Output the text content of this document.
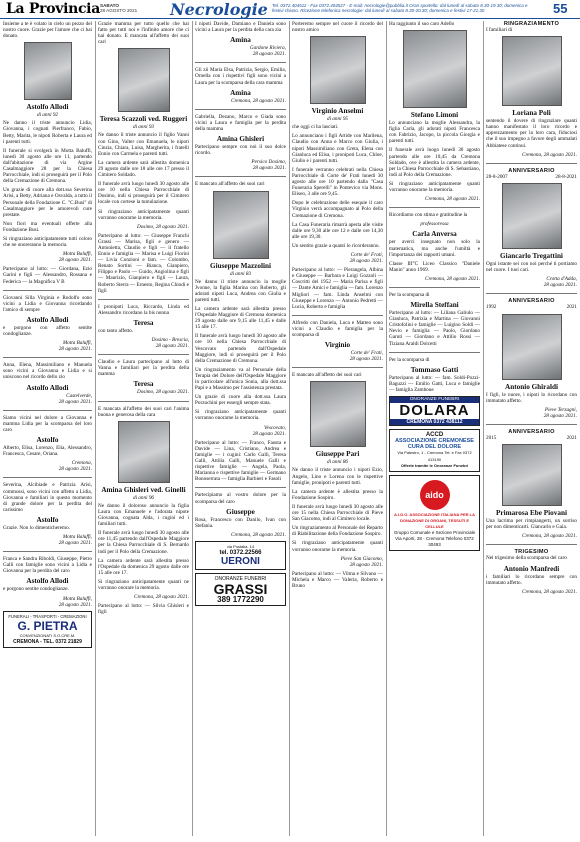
La Provincia SABATO
28 AGOSTO 2021 Necrologie Tel. 0372.404511 - Fax 0372.404527 - E-mail: necrologie@pubblia.it Orari sportello: dal lunedì al sabato 8.30-19.30; domenica e festivi chiuso. Ricezione telefonica necrologie: dal lunedì al sabato 8.30-20.30; domenica e festivi 17-21.30	55

Insieme a te è volato in cielo un pezzo del nostro cuore. Grazie per l'amore che ci hai donato.

Astolfo Allodi
di anni 92

Ne danno il triste annuncio Lidia, Giovanna, i cognati Pierfranco, Fabio, Betty, Marita, le nipoti Roberta e Laura ed i parenti tutti.

Il funerale si svolgerà in Motta Baluffi, lunedì 30 agosto alle ore 11, partendo dall'abitazione di via Argine Casalmaggiore 28 per la Chiesa Parrocchiale, indi si proseguirà per il Polo della Cremazione di Cremona.

Un grazie di cuore alla dott.ssa Severina Arisi, a Betty, Adriana e Osvalda, a tutto il Personale della Fondazione C. "C.Busi" di Casalmaggiore per le amorevoli cure prestate.

Non fiori ma eventuali offerte alla Fondazione Busi.

Si ringraziano anticipatamente tutti coloro che ne onoreranno la memoria.

Motta Baluffi,
28 agosto 2021.

Partecipano al lutto: — Giordana, Ezio Garini e figli — Alessandro, Rossana e Federica — la Magnifica V B

Giovanni Silla Virginia e Rodolfo sono vicini a Lidia e Giovanna ricordando l'amico di sempre

Astolfo Allodi

e porgono con affetto sentite condoglianze.

Motta Baluffi,
28 agosto 2021.

Anna, Elena, Massimiliano e Manuela sono vicini a Giovanna e Lidia e si uniscono nel ricordo dello zio

Astolfo Allodi
Castelverde,
28 agosto 2021.

Siamo vicini nel dolore a Giovanna e mamma Lidia per la scomparsa del loro caro

Astolfo

Alberto, Elisa, Lorenzo, Elia, Alessandro, Francesca, Cesare, Oriana.

Cremona,
28 agosto 2021.

Severina, Alcibiade e Patrizia Arisi, commossi, sono vicini con affetto a Lidia, Giovanna e familiari in questo momento di grande dolore per la perdita del carissimo

Astolfo

Grazie. Non lo dimenticheremo.

Motta Baluffi,
28 agosto 2021.

Franca e Sandra Riboldi, Giuseppe, Pietro Galli con famiglie sono vicini a Lidia e Giovanna per la perdita del caro

Astolfo Allodi

e porgono sentite condoglianze.

Motta Baluffi,
28 agosto 2021.
FUNERALI - TRASPORTI - CREMAZIONI
G. PIETRA
CONVENZIONATI S.O.CRE.M.
CREMONA - TEL. 0372 21829

Grazie mamma per tutto quello che hai fatto per tutti noi e l'infinito amore che ci hai donato. E mancata all'affetto dei suoi cari

Teresa Scazzoli ved. Ruggeri
di anni 93

Ne danno il triste annuncio il figlio Vanni con Gino, Valter con Emanuela, le nipoti Cinzia, Chiara, Luisa, Margherita, i fratelli Ennio con Carmela e parenti tutti.

La camera ardente sarà allestita domenica 29 agosto dalle ore 18 alle ore 17 presso il Cimitero Soldado.

Il funerale avrà luogo lunedì 30 agosto alle ore 10 nella Chiesa Parrocchiale di Dosimo, indi si proseguirà per il Cimitero locale con cortese la tumulazione.

Si ringraziano anticipatamente quanti vorranno onorarne la memoria.

Dosimo, 28 agosto 2021.

Partecipano al lutto: — Giuseppe Franchi Grassi — Marisa, figli e genero — Antonietta, Claudio e figli — il fratello Ennio e famiglia — Marisa e Luigi Fiorini — Livia Conzioni e fam. — Colombo, Renato Sortini — Bianca, Gianpiero, Filippo e Paolo — Guido, Angiolina e figli — Maurizio, Gianpiero e figli — Laura, Roberto Sterra — Ernesto, Regina Chiodi e figli

I pronipoti Luca, Riccardo, Linda ed Alessandro ricordano la bis nonna

Teresa

con tanto affetto.

Dosimo - Brescia,
28 agosto 2021.

Claudio e Laura partecipano al lutto di Vanna e familiari per la perdita della mamma

Teresa
Dosimo, 28 agosto 2021.

E mancata all'affetto dei suoi cari l'anima buona e generosa della cara

Amina Ghisleri ved. Ginelli
di anni 96

Ne danno il doloroso annuncio la figlia Laura con Emanuele e l'adorata nipote Giovanna, cognata Alda, i cugini ed i familiari tutti.

Il funerale avrà luogo lunedì 30 agosto alle ore 11,45 partendo dall'Ospedale Maggiore per la Chiesa Parrocchiale di S. Bernardo indi per il Polo della Cremazione.

La camera ardente sarà allestita presso l'Ospedale da domenica 29 agosto dalle ore 15 alle ore 17.

Si ringraziano anticipatamente quanti ne vorranno onorare la memoria.

Cremona, 28 agosto 2021.

Partecipano al lutto: — Silvia Ghisleri e figli

I nipoti Davide, Damiano e Daniela sono vicini a Laura per la perdita della cara zia

Amina
Gardone Riviera,
28 agosto 2021.

Gli zii Maria Elsa, Patrizia, Sergio, Emilia, Ornella con i rispettivi figli sono vicini a Laura per la scomparsa della cara mamma

Amina
Cremona, 28 agosto 2021.

Gabriella, Dezano, Marco e Giada sono vicini a Laura e famiglia per la perdita della mamma

Amina Ghisleri

Partecipano sempre con noi il suo dolce ricordo.

Persico Dosimo,
28 agosto 2021.

E mancato all'affetto dei suoi cari

Giuseppe Mazzolini
di anni 83

Ne danno il triste annuncio la moglie Jvonne, la figlia Marina con Roberto, gli adorati nipoti Luca, Andrea con Giulia e parenti tutti.

La camera ardente sarà allestita presso l'Ospedale Maggiore di Cremona domenica 29 agosto dalle ore 9,15 alle 11,45 e dalle 15 alle 17.

Il funerale avrà luogo lunedì 30 agosto alle ore 10 nella Chiesa Parrocchiale di Vescovato partendo dall'Ospedale Maggiore, indi si proseguirà per il Polo della Cremazione di Cremona.

Un ringraziamento va al Personale della Terapia del Dolore dell'Ospedale Maggiore in particolare all'unica Sonia, alla dott.ssa Papi e a Massimo per l'assistenza prestata.

Un grazie di cuore alla dott.ssa Laura Porzuchini per essergli sempre stata.

Si ringraziano anticipatamente quanti vorranno onorarne la memoria.

Vescovato,
28 agosto 2021.

Partecipano al lutto: — Franco, Fausta e Davide — Lina, Cristiano, Andrea e famiglie — i cugini: Carlo Galli, Teresa Galli, Attilia Galli, Manuele Galli e rispettive famiglie — Angela, Paola, Marianna e rispettive famiglie — Germano Bonoserrata — famiglia Barbieri e Fasoli

Partecipiamo al vostro dolore per la scomparsa del caro

Giuseppe

Rosa, Francesco con Danilo, Ivan con Stefania.

Cremona, 28 agosto 2021.
via Postalia, 14
tel. 0372.22566
UERONI
ONORANZE FUNEBRI
GRASSI
389 1772290

Porteremo sempre nel cuore il ricordo del nostro amico

Virginio Anselmi
di anni 95

che oggi ci ha lasciati.

Lo annunciano i figli Artide con Marilena, Claudio con Anna e Marco con Giulia, i nipoti Massimiliano con Greta, Elena con Gianluca ed Elisa, i pronipoti Luca, Chloe, Giulio e i parenti tutti.

I funerale verranno celebrati nella Chiesa Parrocchiale di Corte de' Frati lunedì 30 agosto alle ore 10 partendo dalla "Casa Funeraria Sperelli" in Pontevico via Mons. Eliseo, 3 alle ore 9,45.

Dopo le celebrazione delle esequie il caro Virginio verrà accompagnato al Polo della Cremazione di Cremona.

La Casa Funeraria rimarrà aperta alle visite dalle ore 9,30 alle ore 12 e dalle ore 14,30 alle ore 19,30.

Un sentito grazie a quanti lo ricorderanno.

Corte de' Frati,
28 agosto 2021.

Partecipano al lutto: — Pierangela, Albina e Giuseppe — Barbara e Luigi Gozzoli — Coscritti del 1952 — Maria Parisa e figli — Dante Amici e famiglia — fam. Lorenzo Migliori — fam. Linda Anselmi con Giuseppe e Lorenzo — Antonio Pedretti — Lucia, Roberto e famiglia

Alfredo con Daniela, Luca e Matteo sono vicini a Claudio e famiglia per la scomparsa di

Virginio
Corte de' Frati,
28 agosto 2021.

E mancato all'affetto dei suoi cari

Giuseppe Pari
di anni 86

Ne danno il triste annuncio i nipoti Ezio, Angelo, Lino e Lorena con le rispettive famiglie, pronipoti e parenti tutti.

La camera ardente è allestita presso la Fondazione Sospiro.

Il funerale avrà luogo lunedì 30 agosto alle ore 15 nella Chiesa Parrocchiale di Pieve San Giacomo, indi al Cimitero locale.

Un ringraziamento al Personale del Reparto di Riabilitazione della Fondazione Sospiro.

Si ringraziano anticipatamente quanti vorranno onorarne la memoria.

Pieve San Giacomo,
28 agosto 2021.

Partecipano al lutto: — Vilma e Silvano — Michela e Marco — Valeria, Roberto e Bruno

Ha raggiunto il suo caro Adello

Stefano Limoni

Lo annunciano la moglie Alessandra, la figlia Carla, gli adorati nipoti Francesca con Fabrizio, Jacopo, la piccola Giorgia e parenti tutti.

Il funerale avrà luogo lunedì 30 agosto partendo alle ore 10,45 da Cremona Soldado, ove è allestita la camera ardente, per la Chiesa Parrocchiale di S. Sebastiano, indi al Polo della Cremazione.

Si ringraziano anticipatamente quanti vorranno onorarne la memoria.

Cremona, 28 agosto 2021.

Ricordiamo con stima e gratitudine la

professoressa
Carla Anversa

per averci insegnato non solo la matematica, ma anche l'umiltà e l'importanza dei rapporti umani.

Classe III°C Liceo Classico "Daniele Manin" anno 1969.

Cremona, 28 agosto 2021.

Per la scomparsa di

Mirella Steffani

Partecipano al lutto: — Liliana Galiulo — Gianluca, Patrizia e Martina — Giovanni Cristofolini e famiglie — Luigino Soldi — Nevio e famiglia — Paolo, Giordano Garuti — Giordano e Attilio Rossi — Tiziana Araldi Dolcetti

Per la scomparsa di

Tommaso Gatti

Partecipano al lutto: — fam. Soldi-Pozzi-Baguzzi — Emilio Gatti, Luca e famiglie — famiglia Zambone

ONORANZE FUNEBRI
DOLARA
CREMONA 0372 438112
ACCD
ASSOCIAZIONE CREMONESE CURA DEL DOLORE
Via Palestro, 1 - Cremona Tel. e Fax 0372 413190
Offerte tramite le Onoranze Funebri
aido
A.I.D.O. ASSOCIAZIONE ITALIANA PER LA DONAZIONE DI ORGANI, TESSUTI E CELLULE
Gruppo Comunale e Sezione Provinciale Via Aporti, 28 - Cremona Telefono 0372 30493
RINGRAZIAMENTO

I familiari di

Loriana Poli

sentendo il dovere di ringraziare quanti hanno manifestato il loro ricordo e apprezzamento per la loro cara, fiduciosi che il suo impegno a favore degli ammalati Abbiatese continui.

Cremona, 28 agosto 2021.
ANNIVERSARIO
28-8-2007	28-8-2021
Giancarlo Tregattini

Ogni istante sei con noi perché ti portiamo nel cuore. I tuoi cari.

Crotta d'Adda,
28 agosto 2021.
ANNIVERSARIO
1992	2021
Antonio Ghiraldi

I figli, le nuore, i nipoti lo ricordano con immutato affetto.

Pieve Terzagni,
28 agosto 2021.
ANNIVERSARIO
2015	2021
Primarosa Ebe Piovani

Una lacrima per rimpiangerti, un sorriso per non dimenticarti. Giancarlo e Gaia.

Cremona, 28 agosto 2021.
TRIGESIMO

Nel trigesimo della scomparsa del caro

Antonio Manfredi

i familiari lo ricordano sempre con immutato affetto.

Cremona, 28 agosto 2021.
